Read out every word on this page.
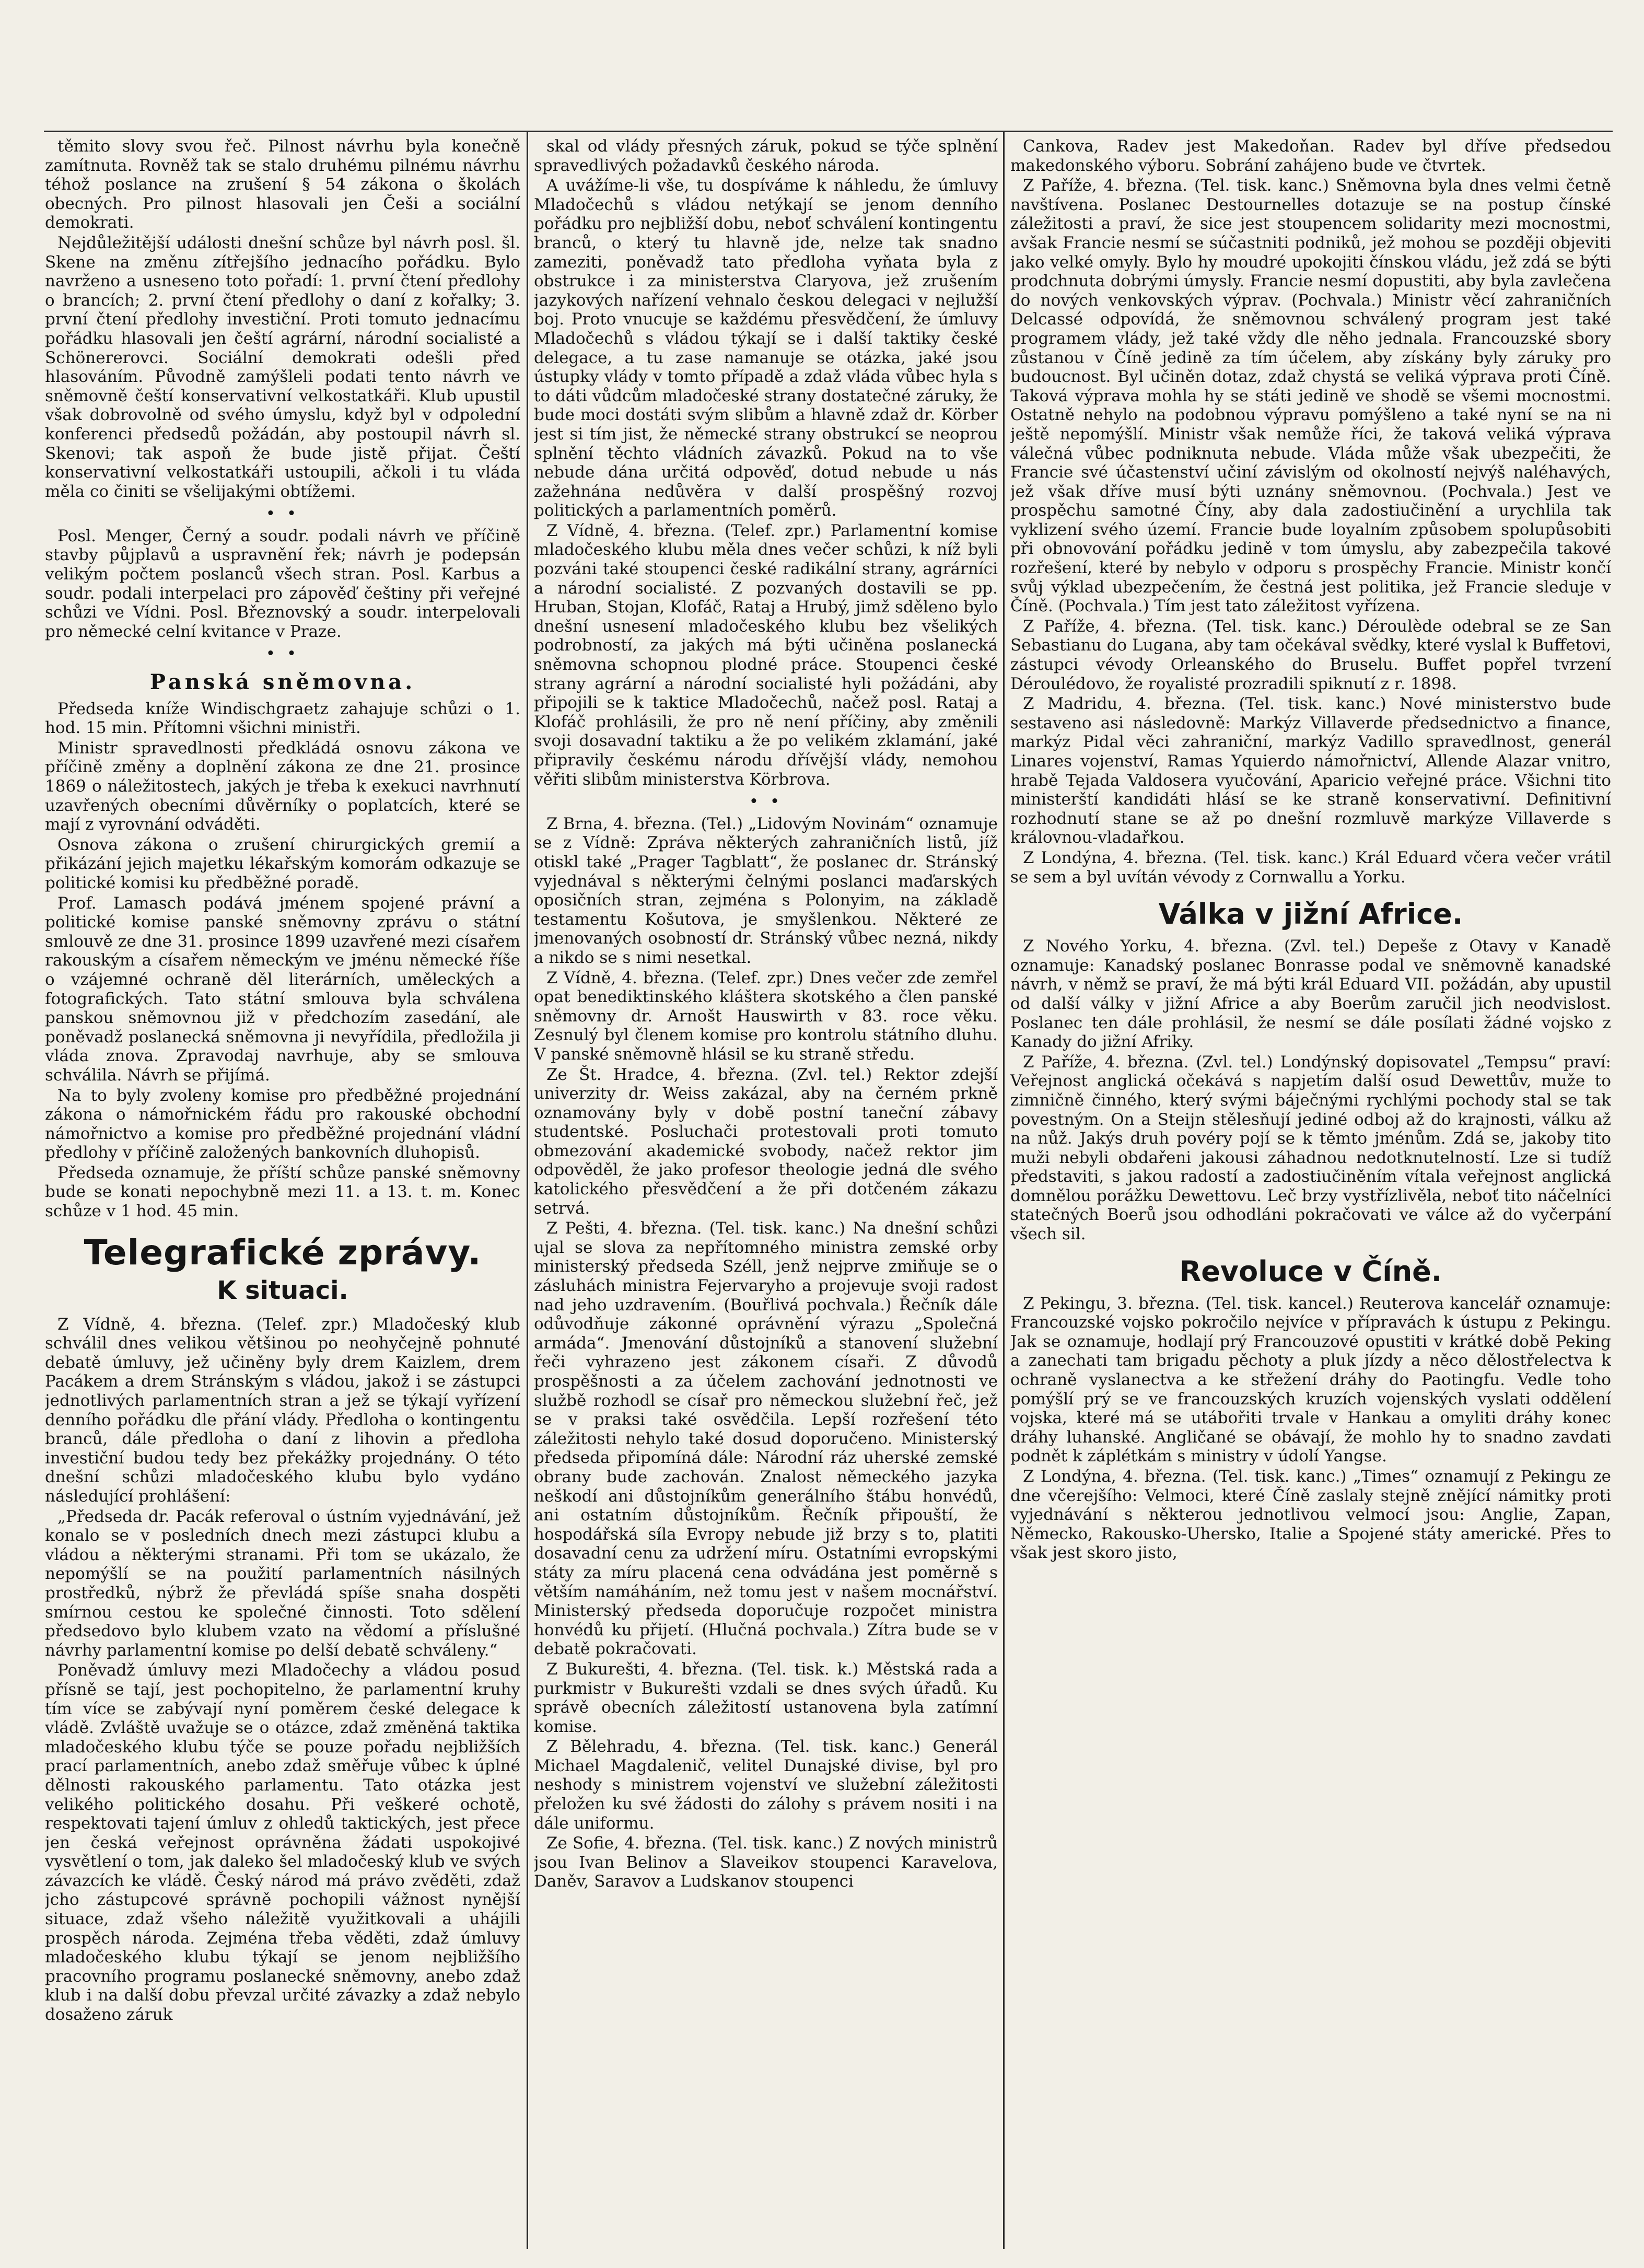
těmito slovy svou řeč. Pilnost návrhu byla konečně zamítnuta. Rovněž tak se stalo druhému pilnému návrhu téhož poslance na zrušení § 54 zákona o školách obecných. Pro pilnost hlasovali jen Češi a sociální demokrati.

Nejdůležitější události dnešní schůze byl návrh posl. šl. Skene na změnu zítřejšího jednacího pořádku. Bylo navrženo a usneseno toto pořadí: 1. první čtení předlohy o brancích; 2. první čtení předlohy o daní z kořalky; 3. první čtení předlohy investiční. Proti tomuto jednacímu pořádku hlasovali jen čeští agrární, národní socialisté a Schönererovci. Sociální demokrati odešli před hlasováním. Původně zamýšleli podati tento návrh ve sněmovně čeští konservativní velkostatkáři. Klub upustil však dobrovolně od svého úmyslu, když byl v odpolední konferenci předsedů požádán, aby postoupil návrh sl. Skenovi; tak aspoň že bude jistě přijat. Čeští konservativní velkostatkáři ustoupili, ačkoli i tu vláda měla co činiti se všelijakými obtížemi.

• •

Posl. Menger, Černý a soudr. podali návrh ve příčině stavby půjplavů a uspravnění řek; návrh je podepsán velikým počtem poslanců všech stran. Posl. Karbus a soudr. podali interpelaci pro zápověď češtiny při veřejné schůzi ve Vídni. Posl. Březnovský a soudr. interpelovali pro německé celní kvitance v Praze.

• •

Panská sněmovna.

Předseda kníže Windischgraetz zahajuje schůzi o 1. hod. 15 min. Přítomni všichni ministři.

Ministr spravedlnosti předkládá osnovu zákona ve příčině změny a doplnění zákona ze dne 21. prosince 1869 o náležitostech, jakých je třeba k exekuci navrhnutí uzavřených obecními důvěrníky o poplatcích, které se mají z vyrovnání odváděti.

Osnova zákona o zrušení chirurgických gremií a přikázání jejich majetku lékařským komorám odkazuje se politické komisi ku předběžné poradě.

Prof. Lamasch podává jménem spojené právní a politické komise panské sněmovny zprávu o státní smlouvě ze dne 31. prosince 1899 uzavřené mezi císařem rakouským a císařem německým ve jménu německé říše o vzájemné ochraně děl literárních, uměleckých a fotografických. Tato státní smlouva byla schválena panskou sněmovnou již v předchozím zasedání, ale poněvadž poslanecká sněmovna ji nevyřídila, předložila ji vláda znova. Zpravodaj navrhuje, aby se smlouva schválila. Návrh se přijímá.

Na to byly zvoleny komise pro předběžné projednání zákona o námořnickém řádu pro rakouské obchodní námořnictvo a komise pro předběžné projednání vládní předlohy v příčině založených bankovních dluhopisů.

Předseda oznamuje, že příští schůze panské sněmovny bude se konati nepochybně mezi 11. a 13. t. m. Konec schůze v 1 hod. 45 min.

Telegrafické zprávy.
K situaci.

Z Vídně, 4. března. (Telef. zpr.) Mladočeský klub schválil dnes velikou většinou po neohyčejně pohnuté debatě úmluvy, jež učiněny byly drem Kaizlem, drem Pacákem a drem Stránským s vládou, jakož i se zástupci jednotlivých parlamentních stran a jež se týkají vyřízení denního pořádku dle přání vlády. Předloha o kontingentu branců, dále předloha o daní z lihovin a předloha investiční budou tedy bez překážky projednány. O této dnešní schůzi mladočeského klubu bylo vydáno následující prohlášení:

„Předseda dr. Pacák referoval o ústním vyjednávání, jež konalo se v posledních dnech mezi zástupci klubu a vládou a některými stranami. Při tom se ukázalo, že nepomýšlí se na použití parlamentních násilných prostředků, nýbrž že převládá spíše snaha dospěti smírnou cestou ke společné činnosti. Toto sdělení předsedovo bylo klubem vzato na vědomí a příslušné návrhy parlamentní komise po delší debatě schváleny.“

Poněvadž úmluvy mezi Mladočechy a vládou posud přísně se tají, jest pochopitelno, že parlamentní kruhy tím více se zabývají nyní poměrem české delegace k vládě. Zvláště uvažuje se o otázce, zdaž změněná taktika mladočeského klubu týče se pouze pořadu nejbližších prací parlamentních, anebo zdaž směřuje vůbec k úplné dělnosti rakouského parlamentu. Tato otázka jest velikého politického dosahu. Při veškeré ochotě, respektovati tajení úmluv z ohledů taktických, jest přece jen česká veřejnost oprávněna žádati uspokojivé vysvětlení o tom, jak daleko šel mladočeský klub ve svých závazcích ke vládě. Český národ má právo zvěděti, zdaž jcho zástupcové správně pochopili vážnost nynější situace, zdaž všeho náležitě využitkovali a uhájili prospěch národa. Zejména třeba věděti, zdaž úmluvy mladočeského klubu týkají se jenom nejbližšího pracovního programu poslanecké sněmovny, anebo zdaž klub i na další dobu převzal určité závazky a zdaž nebylo dosaženo záruk

skal od vlády přesných záruk, pokud se týče splnění spravedlivých požadavků českého národa.

A uvážíme-li vše, tu dospíváme k náhledu, že úmluvy Mladočechů s vládou netýkají se jenom denního pořádku pro nejbližší dobu, neboť schválení kontingentu branců, o který tu hlavně jde, nelze tak snadno zameziti, poněvadž tato předloha vyňata byla z obstrukce i za ministerstva Claryova, jež zrušením jazykových nařízení vehnalo českou delegaci v nejlužší boj. Proto vnucuje se každému přesvědčení, že úmluvy Mladočechů s vládou týkají se i další taktiky české delegace, a tu zase namanuje se otázka, jaké jsou ústupky vlády v tomto případě a zdaž vláda vůbec hyla s to dáti vůdcům mladočeské strany dostatečné záruky, že bude moci dostáti svým slibům a hlavně zdaž dr. Körber jest si tím jist, že německé strany obstrukcí se neoprou splnění těchto vládních závazků. Pokud na to vše nebude dána určitá odpověď, dotud nebude u nás zažehnána nedůvěra v další prospěšný rozvoj politických a parlamentních poměrů.

Z Vídně, 4. března. (Telef. zpr.) Parlamentní komise mladočeského klubu měla dnes večer schůzi, k níž byli pozváni také stoupenci české radikální strany, agrárníci a národní socialisté. Z pozvaných dostavili se pp. Hruban, Stojan, Klofáč, Rataj a Hrubý, jimž sděleno bylo dnešní usnesení mladočeského klubu bez všelikých podrobností, za jakých má býti učiněna poslanecká sněmovna schopnou plodné práce. Stoupenci české strany agrární a národní socialisté hyli požádáni, aby připojili se k taktice Mladočechů, načež posl. Rataj a Klofáč prohlásili, že pro ně není příčiny, aby změnili svoji dosavadní taktiku a že po velikém zklamání, jaké připravily českému národu dřívější vlády, nemohou věřiti slibům ministerstva Körbrova.

• •

Z Brna, 4. března. (Tel.) „Lidovým Novinám“ oznamuje se z Vídně: Zpráva některých zahraničních listů, jíž otiskl také „Prager Tagblatt“, že poslanec dr. Stránský vyjednával s některými čelnými poslanci maďarských oposičních stran, zejména s Polonyim, na základě testamentu Košutova, je smyšlenkou. Některé ze jmenovaných osobností dr. Stránský vůbec nezná, nikdy a nikdo se s nimi nesetkal.

Z Vídně, 4. března. (Telef. zpr.) Dnes večer zde zemřel opat benediktinského kláštera skotského a člen panské sněmovny dr. Arnošt Hauswirth v 83. roce věku. Zesnulý byl členem komise pro kontrolu státního dluhu. V panské sněmovně hlásil se ku straně středu.

Ze Št. Hradce, 4. března. (Zvl. tel.) Rektor zdejší univerzity dr. Weiss zakázal, aby na černém prkně oznamovány byly v době postní taneční zábavy studentské. Posluchači protestovali proti tomuto obmezování akademické svobody, načež rektor jim odpověděl, že jako profesor theologie jedná dle svého katolického přesvědčení a že při dotčeném zákazu setrvá.

Z Pešti, 4. března. (Tel. tisk. kanc.) Na dnešní schůzi ujal se slova za nepřítomného ministra zemské orby ministerský předseda Széll, jenž nejprve zmiňuje se o zásluhách ministra Fejervaryho a projevuje svoji radost nad jeho uzdravením. (Bouřlivá pochvala.) Řečník dále odůvodňuje zákonné oprávnění výrazu „Společná armáda“. Jmenování důstojníků a stanovení služební řeči vyhrazeno jest zákonem císaři. Z důvodů prospěšnosti a za účelem zachování jednotnosti ve službě rozhodl se císař pro německou služební řeč, jež se v praksi také osvědčila. Lepší rozřešení této záležitosti nehylo také dosud doporučeno. Ministerský předseda připomíná dále: Národní ráz uherské zemské obrany bude zachován. Znalost německého jazyka neškodí ani důstojníkům generálního štábu honvédů, ani ostatním důstojníkům. Řečník připouští, že hospodářská síla Evropy nebude již brzy s to, platiti dosavadní cenu za udržení míru. Ostatními evropskými státy za míru placená cena odvádána jest poměrně s větším namáháním, než tomu jest v našem mocnářství. Ministerský předseda doporučuje rozpočet ministra honvédů ku přijetí. (Hlučná pochvala.) Zítra bude se v debatě pokračovati.

Z Bukurešti, 4. března. (Tel. tisk. k.) Městská rada a purkmistr v Bukurešti vzdali se dnes svých úřadů. Ku správě obecních záležitostí ustanovena byla zatímní komise.

Z Bělehradu, 4. března. (Tel. tisk. kanc.) Generál Michael Magdalenič, velitel Dunajské divise, byl pro neshody s ministrem vojenství ve služební záležitosti přeložen ku své žádosti do zálohy s právem nositi i na dále uniformu.

Ze Sofie, 4. března. (Tel. tisk. kanc.) Z nových ministrů jsou Ivan Belinov a Slaveikov stoupenci Karavelova, Daněv, Saravov a Ludskanov stoupenci

Cankova, Radev jest Makedoňan. Radev byl dříve předsedou makedonského výboru. Sobrání zahájeno bude ve čtvrtek.

Z Paříže, 4. března. (Tel. tisk. kanc.) Sněmovna byla dnes velmi četně navštívena. Poslanec Destournelles dotazuje se na postup čínské záležitosti a praví, že sice jest stoupencem solidarity mezi mocnostmi, avšak Francie nesmí se súčastniti podniků, jež mohou se později objeviti jako velké omyly. Bylo hy moudré upokojiti čínskou vládu, jež zdá se býti prodchnuta dobrými úmysly. Francie nesmí dopustiti, aby byla zavlečena do nových venkovských výprav. (Pochvala.) Ministr věcí zahraničních Delcassé odpovídá, že sněmovnou schválený program jest také programem vlády, jež také vždy dle něho jednala. Francouzské sbory zůstanou v Číně jedině za tím účelem, aby získány byly záruky pro budoucnost. Byl učiněn dotaz, zdaž chystá se veliká výprava proti Číně. Taková výprava mohla hy se státi jedině ve shodě se všemi mocnostmi. Ostatně nehylo na podobnou výpravu pomýšleno a také nyní se na ni ještě nepomýšlí. Ministr však nemůže říci, že taková veliká výprava válečná vůbec podniknuta nebude. Vláda může však ubezpečiti, že Francie své účastenství učiní závislým od okolností nejvýš naléhavých, jež však dříve musí býti uznány sněmovnou. (Pochvala.) Jest ve prospěchu samotné Číny, aby dala zadostiučinění a urychlila tak vyklizení svého území. Francie bude loyalním způsobem spolupůsobiti při obnovování pořádku jedině v tom úmyslu, aby zabezpečila takové rozřešení, které by nebylo v odporu s prospěchy Francie. Ministr končí svůj výklad ubezpečením, že čestná jest politika, jež Francie sleduje v Číně. (Pochvala.) Tím jest tato záležitost vyřízena.

Z Paříže, 4. března. (Tel. tisk. kanc.) Déroulède odebral se ze San Sebastianu do Lugana, aby tam očekával svědky, které vyslal k Buffetovi, zástupci vévody Orleanského do Bruselu. Buffet popřel tvrzení Déroulédovo, že royalisté prozradili spiknutí z r. 1898.

Z Madridu, 4. března. (Tel. tisk. kanc.) Nové ministerstvo bude sestaveno asi následovně: Markýz Villaverde předsednictvo a finance, markýz Pidal věci zahraniční, markýz Vadillo spravedlnost, generál Linares vojenství, Ramas Yquierdo námořnictví, Allende Alazar vnitro, hrabě Tejada Valdosera vyučování, Aparicio veřejné práce. Všichni tito ministerští kandidáti hlásí se ke straně konservativní. Definitivní rozhodnutí stane se až po dnešní rozmluvě markýze Villaverde s královnou-vladařkou.

Z Londýna, 4. března. (Tel. tisk. kanc.) Král Eduard včera večer vrátil se sem a byl uvítán vévody z Cornwallu a Yorku.

Válka v jižní Africe.

Z Nového Yorku, 4. března. (Zvl. tel.) Depeše z Otavy v Kanadě oznamuje: Kanadský poslanec Bonrasse podal ve sněmovně kanadské návrh, v němž se praví, že má býti král Eduard VII. požádán, aby upustil od další války v jižní Africe a aby Boerům zaručil jich neodvislost. Poslanec ten dále prohlásil, že nesmí se dále posílati žádné vojsko z Kanady do jižní Afriky.

Z Paříže, 4. března. (Zvl. tel.) Londýnský dopisovatel „Tempsu“ praví: Veřejnost anglická očekává s napjetím další osud Dewettův, muže to zimničně činného, který svými báječnými rychlými pochody stal se tak povestným. On a Steijn stělesňují jediné odboj až do krajnosti, válku až na nůž. Jakýs druh povéry pojí se k těmto jménům. Zdá se, jakoby tito muži nebyli obdařeni jakousi záhadnou nedotknutelností. Lze si tudíž představiti, s jakou radostí a zadostiučiněním vítala veřejnost anglická domnělou porážku Dewettovu. Leč brzy vystřízlivěla, neboť tito náčelníci statečných Boerů jsou odhodláni pokračovati ve válce až do vyčerpání všech sil.

Revoluce v Číně.

Z Pekingu, 3. března. (Tel. tisk. kancel.) Reuterova kancelář oznamuje: Francouzské vojsko pokročilo nejvíce v přípravách k ústupu z Pekingu. Jak se oznamuje, hodlají prý Francouzové opustiti v krátké době Peking a zanechati tam brigadu pěchoty a pluk jízdy a něco dělostřelectva k ochraně vyslanectva a ke střežení dráhy do Paotingfu. Vedle toho pomýšlí prý se ve francouzských kruzích vojenských vyslati oddělení vojska, které má se utábořiti trvale v Hankau a omyliti dráhy konec dráhy luhanské. Angličané se obávají, že mohlo hy to snadno zavdati podnět k záplétkám s ministry v údolí Yangse.

Z Londýna, 4. března. (Tel. tisk. kanc.) „Times“ oznamují z Pekingu ze dne včerejšího: Velmoci, které Číně zaslaly stejně znějící námitky proti vyjednávání s některou jednotlivou velmocí jsou: Anglie, Zapan, Německo, Rakousko-Uhersko, Italie a Spojené státy americké. Přes to však jest skoro jisto,
